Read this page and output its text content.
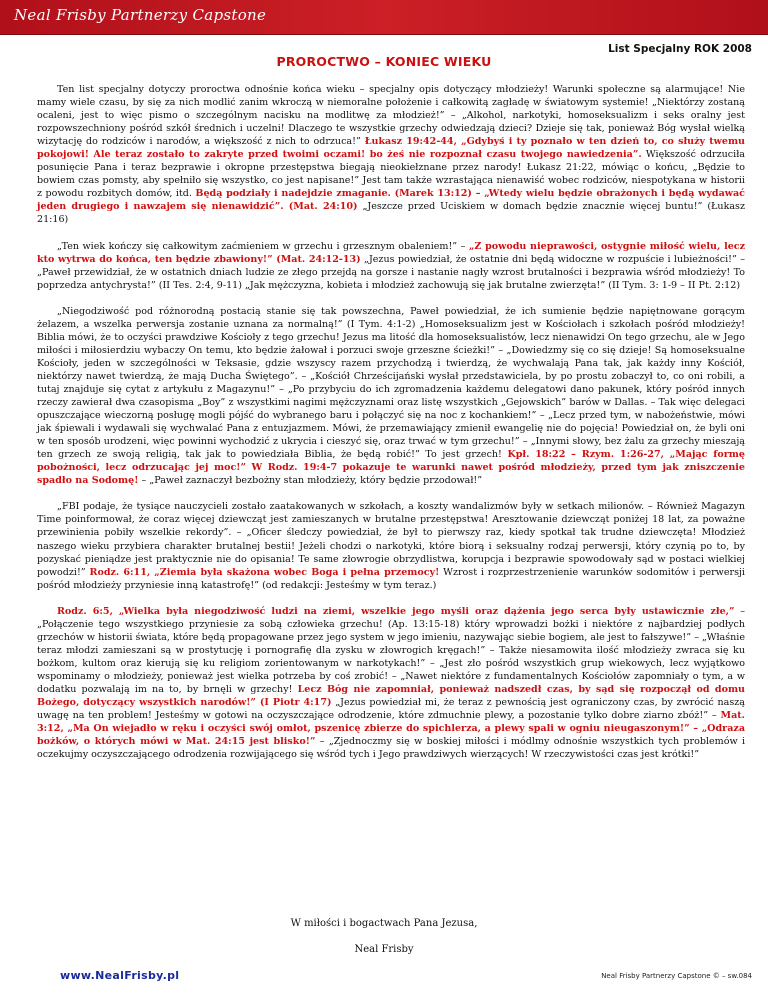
Neal Frisby Partnerzy Capstone
List Specjalny ROK 2008
PROROCTWO – KONIEC WIEKU

Ten list specjalny dotyczy proroctwa odnośnie końca wieku – specjalny opis dotyczący młodzieży! Warunki społeczne są alarmujące! Nie mamy wiele czasu, by się za nich modlić zanim wkroczą w niemoralne położenie i całkowitą zagładę w światowym systemie! „Niektórzy zostaną ocaleni, jest to więc pismo o szczególnym nacisku na modlitwę za młodzież!” – „Alkohol, narkotyki, homoseksualizm i seks oralny jest rozpowszechniony pośród szkół średnich i uczelni! Dlaczego te wszystkie grzechy odwiedzają dzieci? Dzieje się tak, ponieważ Bóg wysłał wielką wizytację do rodziców i narodów, a większość z nich to odrzuca!” Łukasz 19:42-44, „Gdybyś i ty poznało w ten dzień to, co służy twemu pokojowi! Ale teraz zostało to zakryte przed twoimi oczami! bo żeś nie rozpoznał czasu twojego nawiedzenia”. Większość odrzuciła posunięcie Pana i teraz bezprawie i okropne przestępstwa biegają nieokiełznane przez narody! Łukasz 21:22, mówiąc o końcu, „Będzie to bowiem czas pomsty, aby spełniło się wszystko, co jest napisane!” Jest tam także wzrastająca nienawiść wobec rodziców, niespotykana w historii z powodu rozbitych domów, itd. Będą podziały i nadejdzie zmaganie. (Marek 13:12) – „Wtedy wielu będzie obrażonych i będą wydawać jeden drugiego i nawzajem się nienawidzić”. (Mat. 24:10) „Jeszcze przed Uciskiem w domach będzie znacznie więcej buntu!” (Łukasz 21:16)

„Ten wiek kończy się całkowitym zaćmieniem w grzechu i grzesznym obaleniem!” – „Z powodu nieprawości, ostygnie miłość wielu, lecz kto wytrwa do końca, ten będzie zbawiony!” (Mat. 24:12-13) „Jezus powiedział, że ostatnie dni będą widoczne w rozpuście i lubieżności!” – „Paweł przewidział, że w ostatnich dniach ludzie ze złego przejdą na gorsze i nastanie nagły wzrost brutalności i bezprawia wśród młodzieży! To poprzedza antychrysta!” (II Tes. 2:4, 9-11) „Jak mężczyzna, kobieta i młodzież zachowują się jak brutalne zwierzęta!” (II Tym. 3: 1-9 – II Pt. 2:12)

„Niegodziwość pod różnorodną postacią stanie się tak powszechna, Paweł powiedział, że ich sumienie będzie napiętnowane gorącym żelazem, a wszelka perwersja zostanie uznana za normalną!” (I Tym. 4:1-2) „Homoseksualizm jest w Kościołach i szkołach pośród młodzieży! Biblia mówi, że to oczyści prawdziwe Kościoły z tego grzechu! Jezus ma litość dla homoseksualistów, lecz nienawidzi On tego grzechu, ale w Jego miłości i miłosierdziu wybaczy On temu, kto będzie żałował i porzuci swoje grzeszne ścieżki!” – „Dowiedzmy się co się dzieje! Są homoseksualne Kościoły, jeden w szczególności w Teksasie, gdzie wszyscy razem przychodzą i twierdzą, że wychwalają Pana tak, jak każdy inny Kościół, niektórzy nawet twierdzą, że mają Ducha Świętego”. – „Kościół Chrześcijański wysłał przedstawiciela, by po prostu zobaczył to, co oni robili, a tutaj znajduje się cytat z artykułu z Magazynu!” – „Po przybyciu do ich zgromadzenia każdemu delegatowi dano pakunek, który pośród innych rzeczy zawierał dwa czasopisma „Boy” z wszystkimi nagimi mężczyznami oraz listę wszystkich „Gejowskich” barów w Dallas. – Tak więc delegaci opuszczające wieczorną posługę mogli pójść do wybranego baru i połączyć się na noc z kochankiem!” – „Lecz przed tym, w nabożeństwie, mówi jak śpiewali i wydawali się wychwalać Pana z entuzjazmem. Mówi, że przemawiający zmienił ewangelię nie do pojęcia! Powiedział on, że byli oni w ten sposób urodzeni, więc powinni wychodzić z ukrycia i cieszyć się, oraz trwać w tym grzechu!” – „Innymi słowy, bez żalu za grzechy mieszają ten grzech ze swoją religią, tak jak to powiedziała Biblia, że będą robić!” To jest grzech! Kpł. 18:22 – Rzym. 1:26-27, „Mając formę pobożności, lecz odrzucając jej moc!” W Rodz. 19:4-7 pokazuje te warunki nawet pośród młodzieży, przed tym jak zniszczenie spadło na Sodomę! – „Paweł zaznaczył bezbożny stan młodzieży, który będzie przodował!”

„FBI podaje, że tysiące nauczycieli zostało zaatakowanych w szkołach, a koszty wandalizmów były w setkach milionów. – Również Magazyn Time poinformował, że coraz więcej dziewcząt jest zamieszanych w brutalne przestępstwa! Aresztowanie dziewcząt poniżej 18 lat, za poważne przewinienia pobiły wszelkie rekordy”. – „Oficer śledczy powiedział, że był to pierwszy raz, kiedy spotkał tak trudne dziewczęta! Młodzież naszego wieku przybiera charakter brutalnej bestii! Jeżeli chodzi o narkotyki, które biorą i seksualny rodzaj perwersji, który czynią po to, by pozyskać pieniądze jest praktycznie nie do opisania! Te same złowrogie obrzydlistwa, korupcja i bezprawie spowodowały sąd w postaci wielkiej powodzi!” Rodz. 6:11, „Ziemia była skażona wobec Boga i pełna przemocy! Wzrost i rozprzestrzenienie warunków sodomitów i perwersji pośród młodzieży przyniesie inną katastrofę!” (od redakcji: Jesteśmy w tym teraz.)

Rodz. 6:5, „Wielka była niegodziwość ludzi na ziemi, wszelkie jego myśli oraz dążenia jego serca były ustawicznie złe,” – „Połączenie tego wszystkiego przyniesie za sobą człowieka grzechu! (Ap. 13:15-18) który wprowadzi bożki i niektóre z najbardziej podłych grzechów w historii świata, które będą propagowane przez jego system w jego imieniu, nazywając siebie bogiem, ale jest to fałszywe!” – „Właśnie teraz młodzi zamieszani są w prostytucję i pornografię dla zysku w złowrogich kręgach!” – Także niesamowita ilość młodzieży zwraca się ku bożkom, kultom oraz kierują się ku religiom zorientowanym w narkotykach!” – „Jest zło pośród wszystkich grup wiekowych, lecz wyjątkowo wspominamy o młodzieży, ponieważ jest wielka potrzeba by coś zrobić! – „Nawet niektóre z fundamentalnych Kościołów zapomniały o tym, a w dodatku pozwalają im na to, by brnęli w grzechy! Lecz Bóg nie zapomniał, ponieważ nadszedł czas, by sąd się rozpoczął od domu Bożego, dotyczący wszystkich narodów!” (I Piotr 4:17) „Jezus powiedział mi, że teraz z pewnością jest ograniczony czas, by zwrócić naszą uwagę na ten problem! Jesteśmy w gotowi na oczyszczające odrodzenie, które zdmuchnie plewy, a pozostanie tylko dobre ziarno zbóż!” – Mat. 3:12, „Ma On wiejadło w ręku i oczyści swój omłot, pszenicę zbierze do spichlerza, a plewy spali w ogniu nieugaszonym!” – „Odraza bożków, o których mówi w Mat. 24:15 jest blisko!” – „Zjednoczmy się w boskiej miłości i módlmy odnośnie wszystkich tych problemów i oczekujmy oczyszczającego odrodzenia rozwijającego się wśród tych i Jego prawdziwych wierzących! W rzeczywistości czas jest krótki!”

W miłości i bogactwach Pana Jezusa,
Neal Frisby
www.NealFrisby.pl	Neal Frisby Partnerzy Capstone © – sw.084
